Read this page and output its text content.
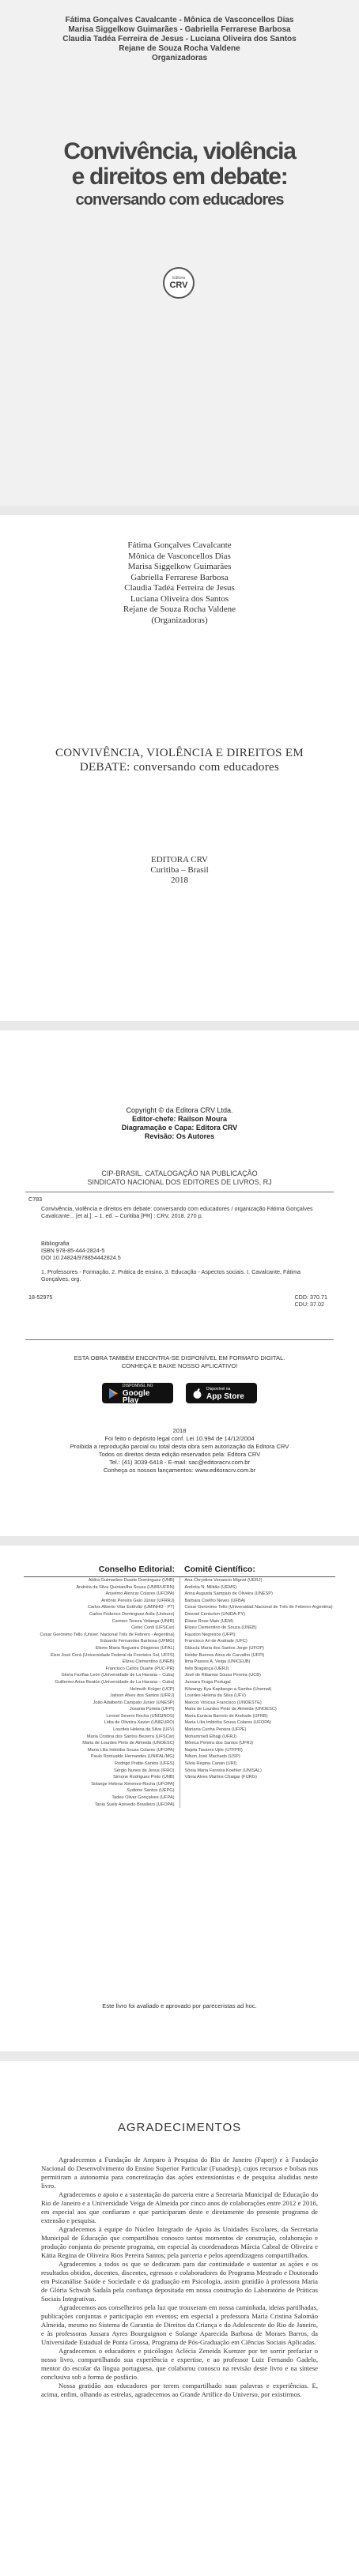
Fátima Gonçalves Cavalcante - Mônica de Vasconcellos Dias
Marisa Siggelkow Guimarães - Gabriella Ferrarese Barbosa
Claudia Tadéa Ferreira de Jesus - Luciana Oliveira dos Santos
Rejane de Souza Rocha Valdene
Organizadoras
Convivência, violência
e direitos em debate:
conversando com educadores
Editora
CRV
Fátima Gonçalves Cavalcante
Mônica de Vasconcellos Dias
Marisa Siggelkow Guimarães
Gabriella Ferrarese Barbosa
Claudia Tadéa Ferreira de Jesus
Luciana Oliveira dos Santos
Rejane de Souza Rocha Valdene
(Organizadoras)
CONVIVÊNCIA, VIOLÊNCIA E DIREITOS EM DEBATE: conversando com educadores
EDITORA CRV
Curitiba – Brasil
2018
Copyright © da Editora CRV Ltda.
Editor-chefe: Railson Moura
Diagramação e Capa: Editora CRV
Revisão: Os Autores
CIP-BRASIL. CATALOGAÇÃO NA PUBLICAÇÃO
SINDICATO NACIONAL DOS EDITORES DE LIVROS, RJ
C783
Convivência, violência e direitos em debate: conversando com educadores / organização Fátima Gonçalves Cavalcante... [et al.]. – 1. ed. – Curitiba [PR] : CRV, 2018. 270 p.
Bibliografia
ISBN 978-85-444-2824-5
DOI 10.24824/978854442824.5
1. Professores - Formação. 2. Prática de ensino. 3. Educação - Aspectos sociais. I. Cavalcante, Fátima Gonçalves. org.
18-52975	CDD: 370.71
CDU: 37.02
ESTA OBRA TAMBÉM ENCONTRA-SE DISPONÍVEL EM FORMATO DIGITAL.
CONHEÇA E BAIXE NOSSO APLICATIVO!
DISPONÍVEL NO
Google Play
Disponível na
App Store
2018
Foi feito o depósito legal conf. Lei 10.994 de 14/12/2004
Proibida a reprodução parcial ou total desta obra sem autorização da Editora CRV
Todos os direitos desta edição reservados pela: Editora CRV
Tel.: (41) 3039-6418 - E-mail: sac@editoracrv.com.br
Conheça os nossos lançamentos: www.editoracrv.com.br
Conselho Editorial:	Comitê Científico:
Aldira Guimarães Duarte Domínguez (UNB)
Andréia da Silva Quintanilha Sousa (UNIR/UFRN)
Anselmo Alencar Colares (UFOPA)
Antônio Pereira Gaio Júnior (UFRRJ)
Carlos Alberto Vilar Estêvão (UMINHO - PT)
Carlos Federico Dominguez Avila (Unieuro)
Carmen Tereza Velanga (UNIR)
Celso Conti (UFSCar)
Cesar Gerónimo Tello (Univer. Nacional Três de Febrero - Argentina)
Eduardo Fernandes Barbosa (UFMG)
Elione Maria Nogueira Diogenes (UFAL)
Élsio José Corá (Universidade Federal da Fronteira Sul, UFFS)
Elizeu Clementino (UNEB)
Francisco Carlos Duarte (PUC-PR)
Gloria Fariñas León (Universidade de La Havana – Cuba)
Guillermo Arias Beatón (Universidade de La Havana – Cuba)
Helmuth Krüger (UCP)
Jailson Alves dos Santos (UFRJ)
João Adalberto Campato Junior (UNESP)
Josania Portela (UFPI)
Leonel Severo Rocha (UNISINOS)
Lídia de Oliveira Xavier (UNIEURO)
Lourdes Helena da Silva (UFV)
Maria Cristina dos Santos Bezerra (UFSCar)
Maria de Lourdes Pinto de Almeida (UNOESC)
Maria Lília Imbiriba Sousa Colares (UFOPA)
Paulo Romualdo Hernandes (UNIFAL/MG)
Rodrigo Pratte-Santos (UFES)
Sérgio Nunes de Jesus (IFRO)
Simone Rodrigues Pinto (UNB)
Solange Helena Ximenes-Rocha (UFOPA)
Sydione Santos (UEPG)
Tadeu Oliver Gonçalves (UFPA)
Tania Suely Azevedo Brasileiro (UFOPA)
Ana Chrystina Venancio Mignot (UERJ)
Andréia N. Militão (UEMS)
Anna Augusta Sampaio de Oliveira (UNESP)
Barbara Coelho Neves (UFBA)
Cesar Gerónimo Tello (Universidad Nacional de Três de Febrero-Argentina)
Diosnel Centurion (UNIDA-PY)
Eliane Rose Maio (UEM)
Elizeu Clementino de Souza (UNEB)
Fauston Negreiros (UFPI)
Francisco Ari de Andrade (UFC)
Gláucia Maria dos Santos Jorge (UFOP)
Helder Buenos Aires de Carvalho (UFPI)
Ilma Passos A. Veiga (UNICEUB)
Inês Bragança (UERJ)
José de Ribamar Sousa Pereira (UCB)
Jussara Fraga Portugal
Kilwangy Kya Kapitango-a-Samba (Unemat)
Lourdes Helena da Silva (UFV)
Marcos Vinicius Francisco (UNOESTE)
Maria de Lourdes Pinto de Almeida (UNOESC)
Maria Eurácia Barreto de Andrade (UFRB)
Maria Lília Imbiriba Sousa Colares (UFOPA)
Mariana Cunha Pereira (UFPE)
Mohammed Elhajji (UFRJ)
Mônica Pereira dos Santos (UFRJ)
Najela Tavares Ujiie (UTFPR)
Nilson José Machado (USP)
Silvia Regina Canan (URI)
Sônia Maria Ferreira Koehler (UNISAL)
Vânia Alves Martins Chaigar (FURG)
Este livro foi avaliado e aprovado por pareceristas ad hoc.
AGRADECIMENTOS

Agradecemos a Fundação de Amparo à Pesquisa do Rio de Janeiro (Faperj) e à Fundação Nacional do Desenvolvimento do Ensino Superior Particular (Funadesp), cujos recursos e bolsas nos permitiram a autonomia para concretização das ações extensionistas e de pesquisa aludidas neste livro.

Agradecemos o apoio e a sustentação do parceria entre a Secretaria Municipal de Educação do Rio de Janeiro e a Universidade Veiga de Almeida por cinco anos de colaborações entre 2012 e 2016, em especial aos que confiaram e que participaram deste e diretamente do presente programa de extensão e pesquisa.

Agradecemos à equipe do Núcleo Integrado de Apoio às Unidades Escolares, da Secretaria Municipal de Educação que compartilhou conosco tantos momentos de construção, colaboração e produção conjunta do presente programa, em especial às coordenadoras Márcia Cabral de Oliveira e Kátia Regina de Oliveira Rios Pereira Santos; pela parceria e pelos aprendizagens compartilhados.

Agradecemos a todos os que se dedicaram para dar continuidade e sustentar as ações e os resultados obtidos, docentes, discentes, egressos e colaboradores do Programa Mestrado e Doutorado em Psicanálise Saúde e Sociedade e da graduação em Psicologia, assim gratidão à professora Maria de Glória Schwab Sadala pela confiança depositada em nossa construção do Laboratório de Práticas Sociais Integrativas.

Agradecemos aos conselheiros pela luz que trouxeram em nossa caminhada, ideias partilhadas, publicações conjuntas e participação em eventos; em especial a professora Maria Cristina Salomão Almeida, mesmo no Sistema de Garantia de Direitos da Criança e do Adolescente do Rio de Janeiro, e às professoras Jussara Ayres Bourguignon e Solange Aparecida Barbosa de Moraes Barros, da Universidade Estadual de Ponta Grossa, Programa de Pós-Graduação em Ciências Sociais Aplicadas.

Agradecemos o educadores e psicólogos Aclécia Zeneida Ksenzer por ter sorrir prefaciar o nosso livro, compartilhando sua experiência e expertise, e ao professor Luiz Fernando Gadelo, mentor do escolar da língua portuguesa, que colaborou conosco na revisão deste livro e na síntese conclusiva sob a forma de posfácio.

Nossa gratidão aos educadores por terem compartilhado suas palavras e experiências. E, acima, enfim, olhando as estrelas, agradecemos ao Grande Artífice do Universo, por existirmos.
